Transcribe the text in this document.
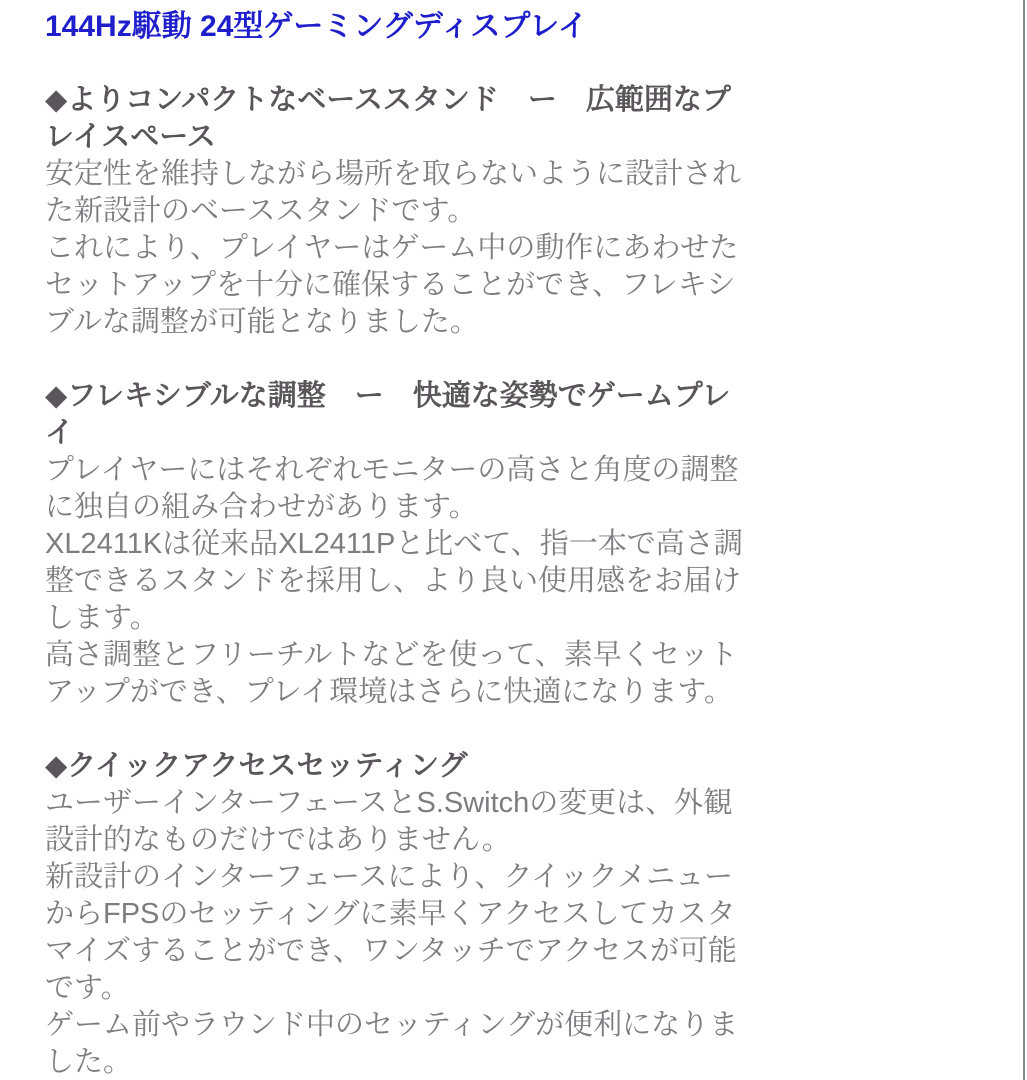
144Hz駆動 24型ゲーミングディスプレイ
◆よりコンパクトなベーススタンド　ー　広範囲なプレイスペース

安定性を維持しながら場所を取らないように設計された新設計のベーススタンドです。

これにより、プレイヤーはゲーム中の動作にあわせたセットアップを十分に確保することができ、フレキシブルな調整が可能となりました。

◆フレキシブルな調整　ー　快適な姿勢でゲームプレイ

プレイヤーにはそれぞれモニターの高さと角度の調整に独自の組み合わせがあります。

XL2411Kは従来品XL2411Pと比べて、指一本で高さ調整できるスタンドを採用し、より良い使用感をお届けします。

高さ調整とフリーチルトなどを使って、素早くセットアップができ、プレイ環境はさらに快適になります。

◆クイックアクセスセッティング

ユーザーインターフェースとS.Switchの変更は、外観設計的なものだけではありません。

新設計のインターフェースにより、クイックメニューからFPSのセッティングに素早くアクセスしてカスタマイズすることができ、ワンタッチでアクセスが可能です。

ゲーム前やラウンド中のセッティングが便利になりました。
